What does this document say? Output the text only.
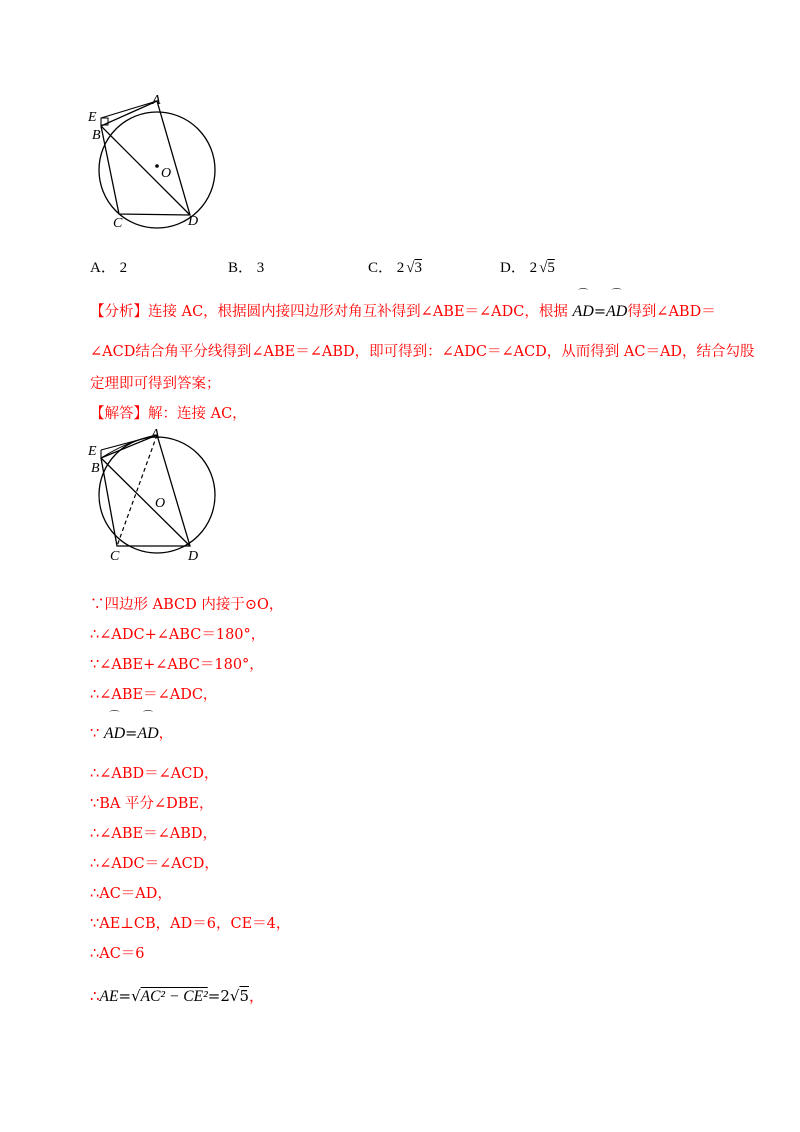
E
A
B
O
C	D
A． 2	B． 3	C． 2 √3	D． 2 √5
【分析】连接 AC，根据圆内接四边形对角互补得到∠ABE＝∠ADC，根据 ⌒ AD=⌒ AD得到∠ABD＝
∠ACD结合角平分线得到∠ABE＝∠ABD，即可得到：∠ADC＝∠ACD，从而得到 AC＝AD，结合勾股
定理即可得到答案；
【解答】解：连接 AC，
E
A
B
O
C	D
∵四边形 ABCD 内接于⊙O，
∴∠ADC+∠ABC＝180°，
∵∠ABE+∠ABC＝180°，
∴∠ABE＝∠ADC，
∵ ⌒ AD=⌒ AD，
∴∠ABD＝∠ACD，
∵BA 平分∠DBE，
∴∠ABE＝∠ABD，
∴∠ADC＝∠ACD，
∴AC＝AD，
∵AE⊥CB，AD＝6，CE＝4，
∴AC＝6
∴AE=√AC² − CE²=2√5，
